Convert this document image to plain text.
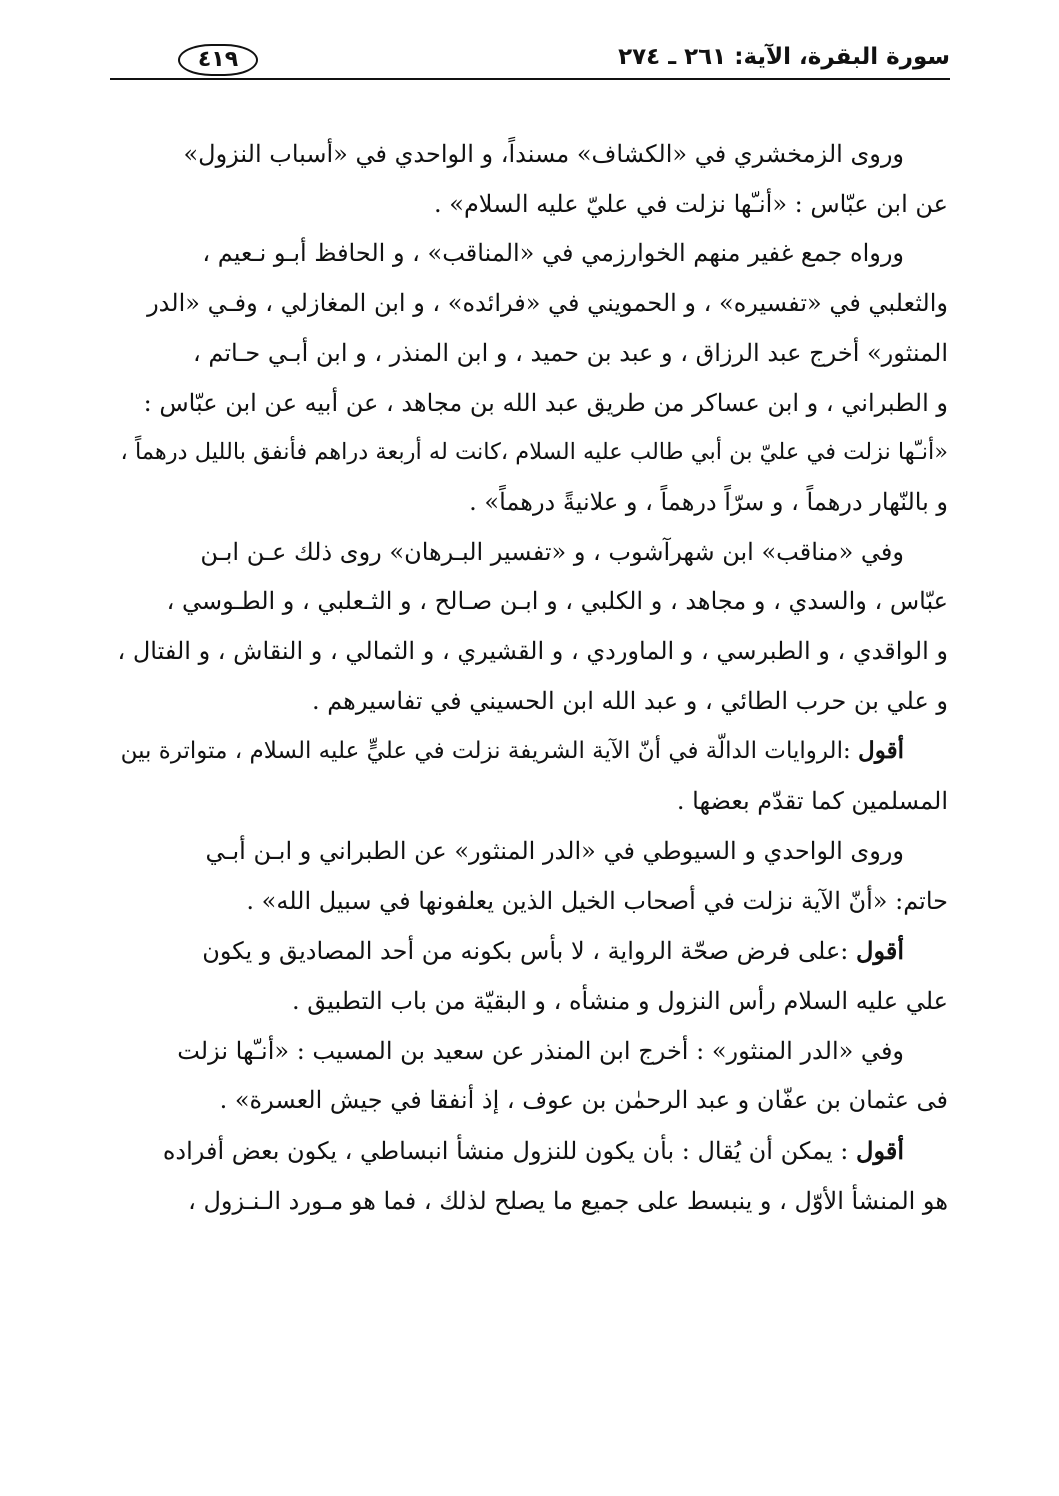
سورة البقرة، الآية: ٢٦١ ـ ٢٧٤
٤١٩

وروى الزمخشري في «الكشاف» مسنداً، و الواحدي في «أسباب النزول»
عن ابن عبّاس : «أنـّها نزلت في عليّ عليه السلام» .

ورواه جمع غفير منهم الخوارزمي في «المناقب» ، و الحافظ أبـو نـعيم ،
والثعلبي في «تفسيره» ، و الحمويني في «فرائده» ، و ابن المغازلي ، وفـي «الدر
المنثور» أخرج عبد الرزاق ، و عبد بن حميد ، و ابن المنذر ، و ابن أبـي حـاتم ،
و الطبراني ، و ابن عساكر من طريق عبد الله بن مجاهد ، عن أبيه عن ابن عبّاس :
«أنـّها نزلت في عليّ بن أبي طالب عليه السلام ،كانت له أربعة دراهم فأنفق بالليل درهماً ،
و بالنّهار درهماً ، و سرّاً درهماً ، و علانيةً درهماً» .

وفي «مناقب» ابن شهرآشوب ، و «تفسير البـرهان» روى ذلك عـن ابـن
عبّاس ، والسدي ، و مجاهد ، و الكلبي ، و ابـن صـالح ، و الثـعلبي ، و الطـوسي ،
و الواقدي ، و الطبرسي ، و الماوردي ، و القشيري ، و الثمالي ، و النقاش ، و الفتال ،
و علي بن حرب الطائي ، و عبد الله ابن الحسيني في تفاسيرهم .

أقول :الروايات الدالّة في أنّ الآية الشريفة نزلت في عليٍّ عليه السلام ، متواترة بين
المسلمين كما تقدّم بعضها .

وروى الواحدي و السيوطي في «الدر المنثور» عن الطبراني و ابـن أبـي
حاتم: «أنّ الآية نزلت في أصحاب الخيل الذين يعلفونها في سبيل الله» .

أقول :على فرض صحّة الرواية ، لا بأس بكونه من أحد المصاديق و يكون
علي عليه السلام رأس النزول و منشأه ، و البقيّة من باب التطبيق .

وفي «الدر المنثور» : أخرج ابن المنذر عن سعيد بن المسيب : «أنـّها نزلت
فى عثمان بن عفّان و عبد الرحمٰن بن عوف ، إذ أنفقا في جيش العسرة» .

أقول : يمكن أن يُقال : بأن يكون للنزول منشأ انبساطي ، يكون بعض أفراده
هو المنشأ الأوّل ، و ينبسط على جميع ما يصلح لذلك ، فما هو مـورد الـنـزول ،
